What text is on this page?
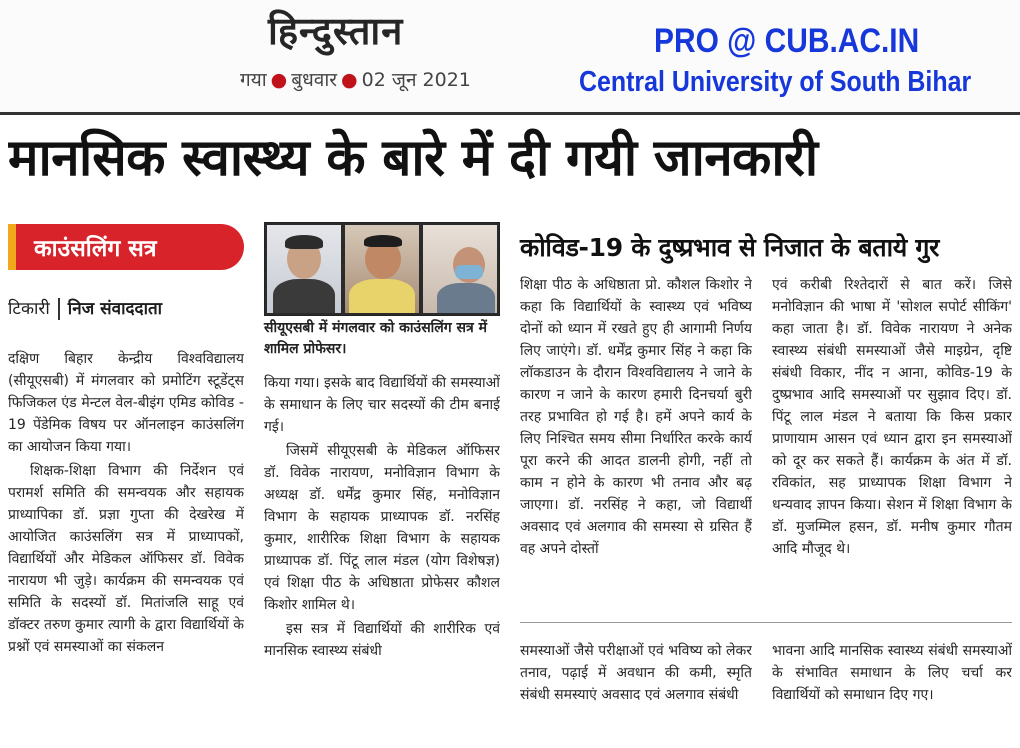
हिन्दुस्तान
गया ● बुधवार ● 02 जून 2021
PRO @ CUB.AC.IN
Central University of South Bihar
मानसिक स्वास्थ्य के बारे में दी गयी जानकारी
काउंसलिंग सत्र
टिकारी निज संवाददाता
सीयूएसबी में मंगलवार को काउंसलिंग सत्र में शामिल प्रोफेसर।
कोविड-19 के दुष्प्रभाव से निजात के बताये गुर

दक्षिण बिहार केन्द्रीय विश्वविद्यालय (सीयूएसबी) में मंगलवार को प्रमोटिंग स्टूडेंट्स फिजिकल एंड मेन्टल वेल-बीइंग एमिड कोविड - 19 पेंडेमिक विषय पर ऑनलाइन काउंसलिंग का आयोजन किया गया।

शिक्षक-शिक्षा विभाग की निर्देशन एवं परामर्श समिति की समन्वयक और सहायक प्राध्यापिका डॉ. प्रज्ञा गुप्ता की देखरेख में आयोजित काउंसलिंग सत्र में प्राध्यापकों, विद्यार्थियों और मेडिकल ऑफिसर डॉ. विवेक नारायण भी जुड़े। कार्यक्रम की समन्वयक एवं समिति के सदस्यों डॉ. मितांजलि साहू एवं डॉक्टर तरुण कुमार त्यागी के द्वारा विद्यार्थियों के प्रश्नों एवं समस्याओं का संकलन

किया गया। इसके बाद विद्यार्थियों की समस्याओं के समाधान के लिए चार सदस्यों की टीम बनाई गई।

जिसमें सीयूएसबी के मेडिकल ऑफिसर डॉ. विवेक नारायण, मनोविज्ञान विभाग के अध्यक्ष डॉ. धर्मेंद्र कुमार सिंह, मनोविज्ञान विभाग के सहायक प्राध्यापक डॉ. नरसिंह कुमार, शारीरिक शिक्षा विभाग के सहायक प्राध्यापक डॉ. पिंटू लाल मंडल (योग विशेषज्ञ) एवं शिक्षा पीठ के अधिष्ठाता प्रोफेसर कौशल किशोर शामिल थे।

इस सत्र में विद्यार्थियों की शारीरिक एवं मानसिक स्वास्थ्य संबंधी

शिक्षा पीठ के अधिष्ठाता प्रो. कौशल किशोर ने कहा कि विद्यार्थियों के स्वास्थ्य एवं भविष्य दोनों को ध्यान में रखते हुए ही आगामी निर्णय लिए जाएंगे। डॉ. धर्मेंद्र कुमार सिंह ने कहा कि लॉकडाउन के दौरान विश्वविद्यालय ने जाने के कारण न जाने के कारण हमारी दिनचर्या बुरी तरह प्रभावित हो गई है। हमें अपने कार्य के लिए निश्चित समय सीमा निर्धारित करके कार्य पूरा करने की आदत डालनी होगी, नहीं तो काम न होने के कारण भी तनाव और बढ़ जाएगा। डॉ. नरसिंह ने कहा, जो विद्यार्थी अवसाद एवं अलगाव की समस्या से ग्रसित हैं वह अपने दोस्तों

एवं करीबी रिश्तेदारों से बात करें। जिसे मनोविज्ञान की भाषा में 'सोशल सपोर्ट सीकिंग' कहा जाता है। डॉ. विवेक नारायण ने अनेक स्वास्थ्य संबंधी समस्याओं जैसे माइग्रेन, दृष्टि संबंधी विकार, नींद न आना, कोविड-19 के दुष्प्रभाव आदि समस्याओं पर सुझाव दिए। डॉ. पिंटू लाल मंडल ने बताया कि किस प्रकार प्राणायाम आसन एवं ध्यान द्वारा इन समस्याओं को दूर कर सकते हैं। कार्यक्रम के अंत में डॉ. रविकांत, सह प्राध्यापक शिक्षा विभाग ने धन्यवाद ज्ञापन किया। सेशन में शिक्षा विभाग के डॉ. मुजम्मिल हसन, डॉ. मनीष कुमार गौतम आदि मौजूद थे।

समस्याओं जैसे परीक्षाओं एवं भविष्य को लेकर तनाव, पढ़ाई में अवधान की कमी, स्मृति संबंधी समस्याएं अवसाद एवं अलगाव संबंधी

भावना आदि मानसिक स्वास्थ्य संबंधी समस्याओं के संभावित समाधान के लिए चर्चा कर विद्यार्थियों को समाधान दिए गए।
